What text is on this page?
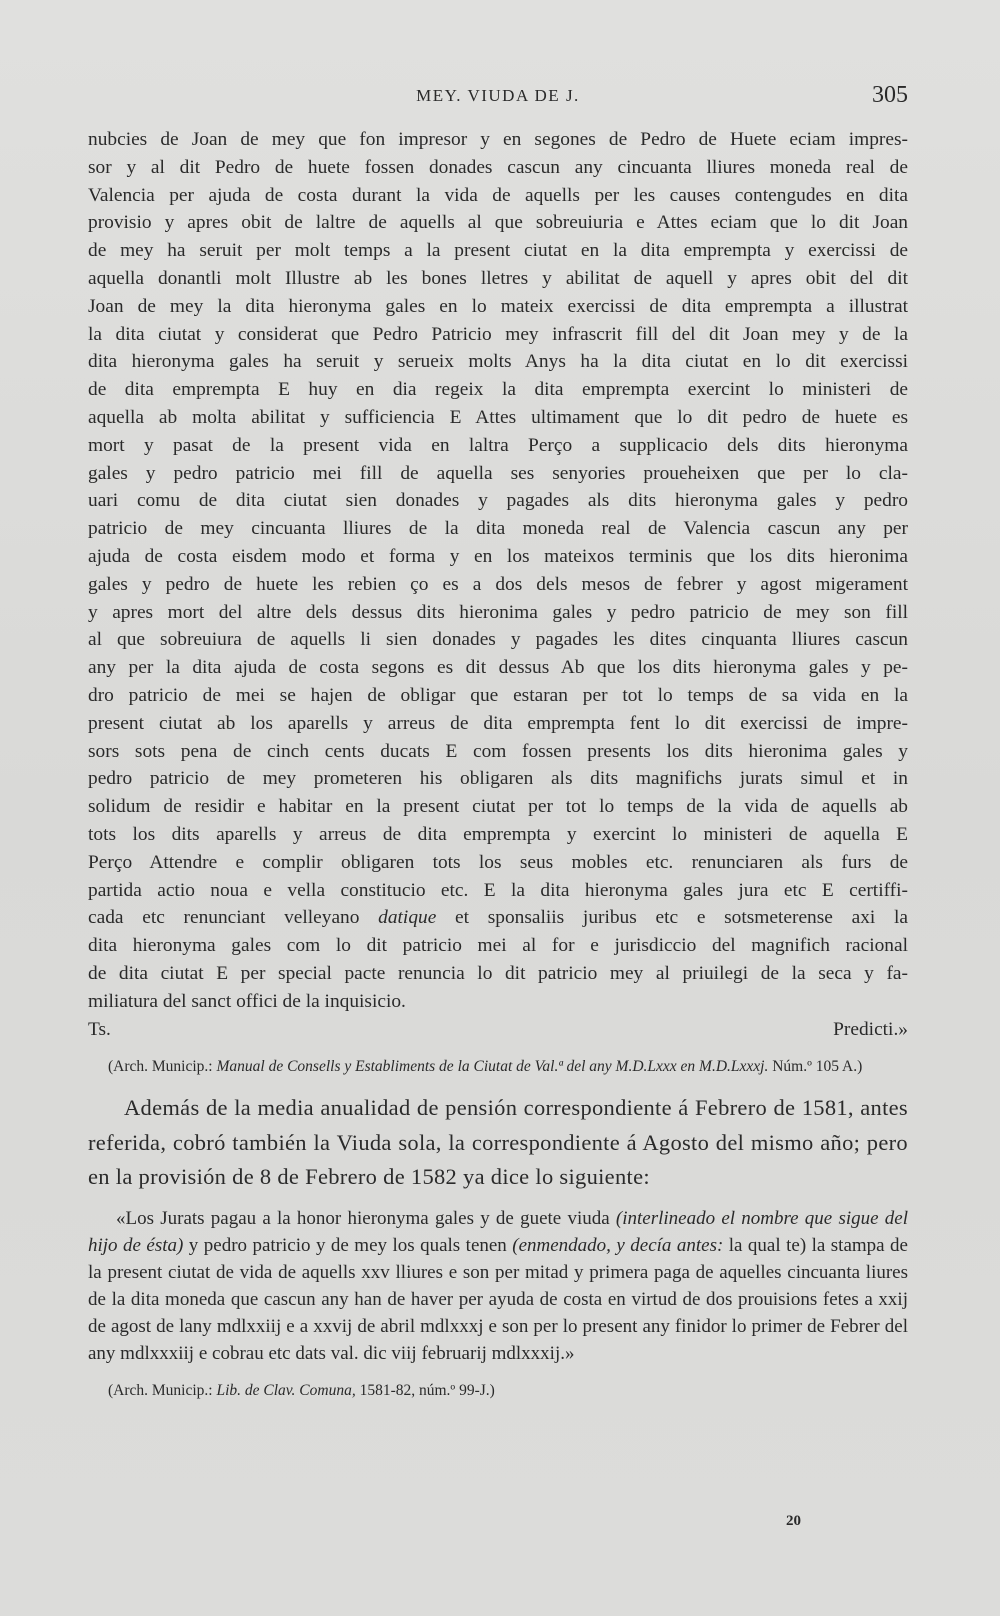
MEY. VIUDA DE J.	305

nubcies de Joan de mey que fon impresor y en segones de Pedro de Huete eciam impres-

sor y al dit Pedro de huete fossen donades cascun any cincuanta lliures moneda real de

Valencia per ajuda de costa durant la vida de aquells per les causes contengudes en dita

provisio y apres obit de laltre de aquells al que sobreuiuria e Attes eciam que lo dit Joan

de mey ha seruit per molt temps a la present ciutat en la dita emprempta y exercissi de

aquella donantli molt Illustre ab les bones lletres y abilitat de aquell y apres obit del dit

Joan de mey la dita hieronyma gales en lo mateix exercissi de dita emprempta a illustrat

la dita ciutat y considerat que Pedro Patricio mey infrascrit fill del dit Joan mey y de la

dita hieronyma gales ha seruit y serueix molts Anys ha la dita ciutat en lo dit exercissi

de dita emprempta E huy en dia regeix la dita emprempta exercint lo ministeri de

aquella ab molta abilitat y sufficiencia E Attes ultimament que lo dit pedro de huete es

mort y pasat de la present vida en laltra Perço a supplicacio dels dits hieronyma

gales y pedro patricio mei fill de aquella ses senyories proueheixen que per lo cla-

uari comu de dita ciutat sien donades y pagades als dits hieronyma gales y pedro

patricio de mey cincuanta lliures de la dita moneda real de Valencia cascun any per

ajuda de costa eisdem modo et forma y en los mateixos terminis que los dits hieronima

gales y pedro de huete les rebien ço es a dos dels mesos de febrer y agost migerament

y apres mort del altre dels dessus dits hieronima gales y pedro patricio de mey son fill

al que sobreuiura de aquells li sien donades y pagades les dites cinquanta lliures cascun

any per la dita ajuda de costa segons es dit dessus Ab que los dits hieronyma gales y pe-

dro patricio de mei se hajen de obligar que estaran per tot lo temps de sa vida en la

present ciutat ab los aparells y arreus de dita emprempta fent lo dit exercissi de impre-

sors sots pena de cinch cents ducats E com fossen presents los dits hieronima gales y

pedro patricio de mey prometeren his obligaren als dits magnifichs jurats simul et in

solidum de residir e habitar en la present ciutat per tot lo temps de la vida de aquells ab

tots los dits aparells y arreus de dita emprempta y exercint lo ministeri de aquella E

Perço Attendre e complir obligaren tots los seus mobles etc. renunciaren als furs de

partida actio noua e vella constitucio etc. E la dita hieronyma gales jura etc E certiffi-

cada etc renunciant velleyano datique et sponsaliis juribus etc e sotsmeterense axi la

dita hieronyma gales com lo dit patricio mei al for e jurisdiccio del magnifich racional

de dita ciutat E per special pacte renuncia lo dit patricio mey al priuilegi de la seca y fa-

miliatura del sanct offici de la inquisicio.

Ts. Predicti.»

(Arch. Municip.: Manual de Consells y Establiments de la Ciutat de Val.ª del any M.D.Lxxx en M.D.Lxxxj. Núm.º 105 A.)

Además de la media anualidad de pensión correspondiente á Febrero de 1581, antes referida, cobró también la Viuda sola, la correspondiente á Agosto del mismo año; pero en la provisión de 8 de Febrero de 1582 ya dice lo siguiente:

«Los Jurats pagau a la honor hieronyma gales y de guete viuda (interlineado el nombre que sigue del hijo de ésta) y pedro patricio y de mey los quals tenen (enmendado, y decía antes: la qual te) la stampa de la present ciutat de vida de aquells xxv lliures e son per mitad y primera paga de aquelles cincuanta liures de la dita moneda que cascun any han de haver per ayuda de costa en virtud de dos prouisions fetes a xxij de agost de lany mdlxxiij e a xxvij de abril mdlxxxj e son per lo present any finidor lo primer de Febrer del any mdlxxxiij e cobrau etc dats val. dic viij februarij mdlxxxij.»

(Arch. Municip.: Lib. de Clav. Comuna, 1581-82, núm.º 99-J.)
20
